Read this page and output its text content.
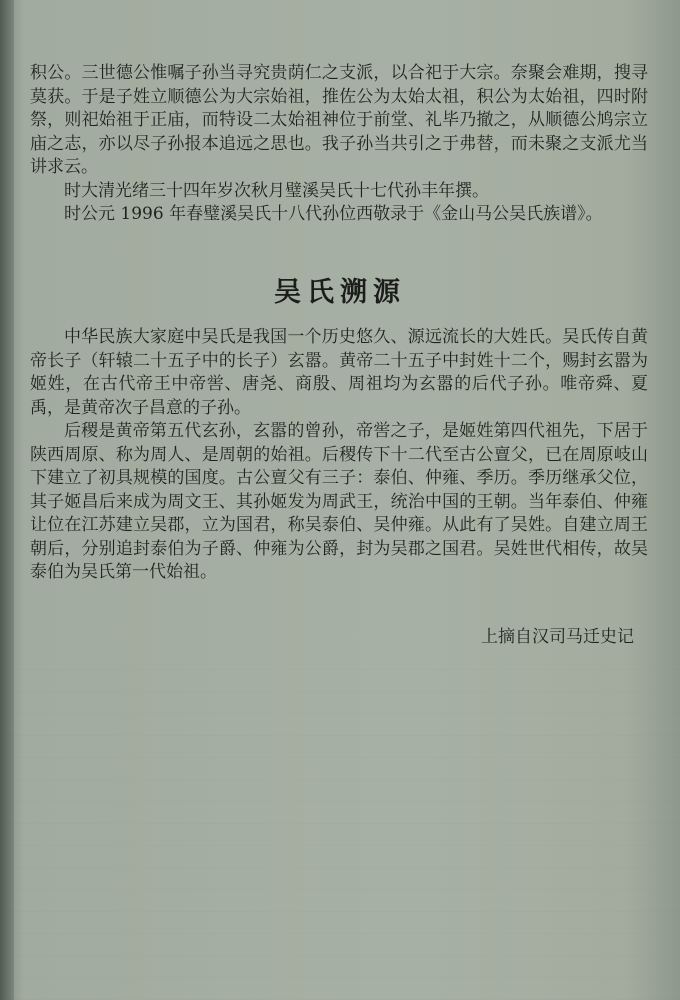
积公。三世德公惟嘱子孙当寻究贵荫仁之支派，以合祀于大宗。奈聚会难期，搜寻莫获。于是子姓立顺德公为大宗始祖，推佐公为太始太祖，积公为太始祖，四时附祭，则祀始祖于正庙，而特设二太始祖神位于前堂、礼毕乃撤之，从顺德公鸠宗立庙之志，亦以尽子孙报本追远之思也。我子孙当共引之于弗替，而未聚之支派尤当讲求云。

时大清光绪三十四年岁次秋月璧溪吴氏十七代孙丰年撰。

时公元 1996 年春璧溪吴氏十八代孙位西敬录于《金山马公吴氏族谱》。

吴氏溯源

中华民族大家庭中吴氏是我国一个历史悠久、源远流长的大姓氏。吴氏传自黄帝长子（轩辕二十五子中的长子）玄嚣。黄帝二十五子中封姓十二个，赐封玄嚣为姬姓，在古代帝王中帝喾、唐尧、商殷、周祖均为玄嚣的后代子孙。唯帝舜、夏禹，是黄帝次子昌意的子孙。

后稷是黄帝第五代玄孙，玄嚣的曾孙，帝喾之子，是姬姓第四代祖先，下居于陕西周原、称为周人、是周朝的始祖。后稷传下十二代至古公亶父，已在周原岐山下建立了初具规模的国度。古公亶父有三子：泰伯、仲雍、季历。季历继承父位，其子姬昌后来成为周文王、其孙姬发为周武王，统治中国的王朝。当年泰伯、仲雍让位在江苏建立吴郡，立为国君，称吴泰伯、吴仲雍。从此有了吴姓。自建立周王朝后，分别追封泰伯为子爵、仲雍为公爵，封为吴郡之国君。吴姓世代相传，故吴泰伯为吴氏第一代始祖。

上摘自汉司马迁史记
